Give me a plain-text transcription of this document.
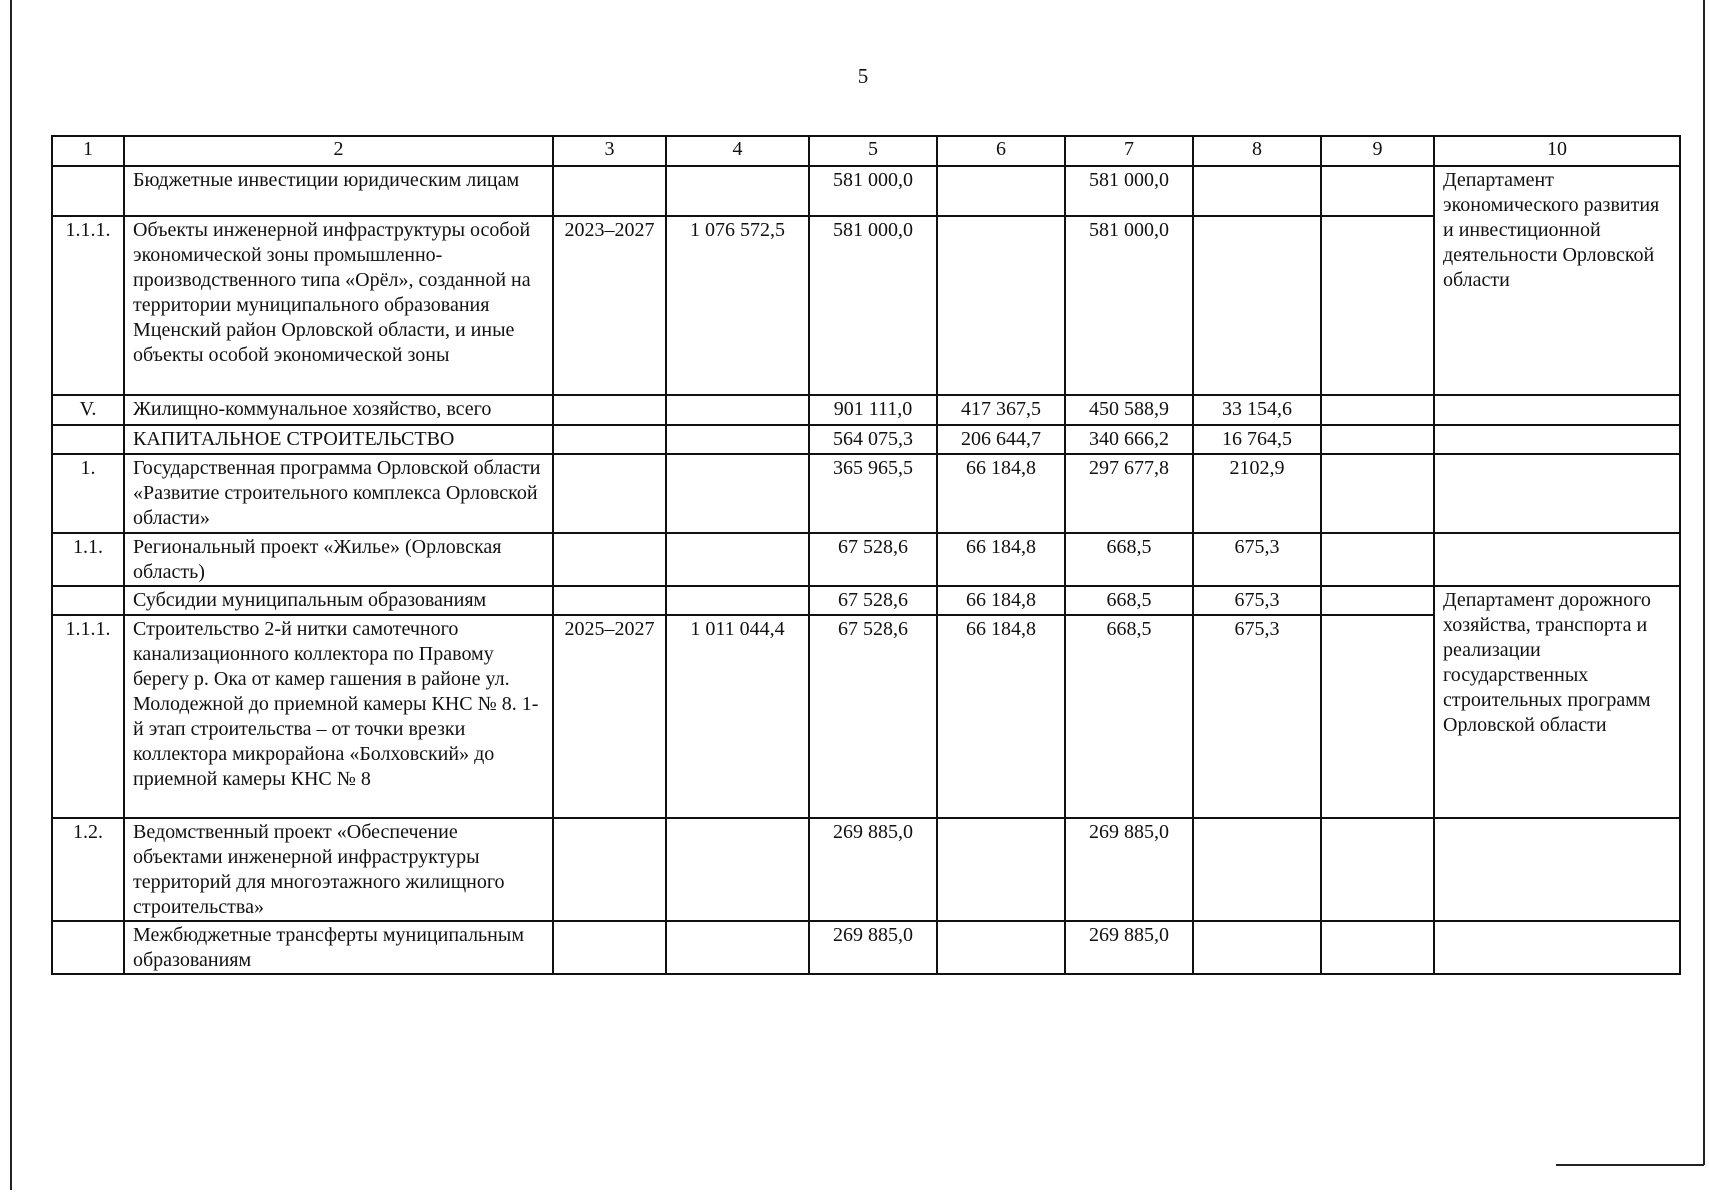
5
1	2	3	4	5	6	7	8	9	10
	Бюджетные инвестиции юридическим лицам			581 000,0		581 000,0			Департамент экономического развития и инвестиционной деятельности Орловской области
1.1.1.	Объекты инженерной инфраструктуры особой экономической зоны промышленно-производственного типа «Орёл», созданной на территории муниципального образования Мценский район Орловской области, и иные объекты особой экономической зоны	2023–2027	1 076 572,5	581 000,0		581 000,0			
V.	Жилищно-коммунальное хозяйство, всего			901 111,0	417 367,5	450 588,9	33 154,6		
	КАПИТАЛЬНОЕ СТРОИТЕЛЬСТВО			564 075,3	206 644,7	340 666,2	16 764,5		
1.	Государственная программа Орловской области «Развитие строительного комплекса Орловской области»			365 965,5	66 184,8	297 677,8	2102,9		
1.1.	Региональный проект «Жилье» (Орловская область)			67 528,6	66 184,8	668,5	675,3		
	Субсидии муниципальным образованиям			67 528,6	66 184,8	668,5	675,3		Департамент дорожного хозяйства, транспорта и реализации государственных строительных программ Орловской области
1.1.1.	Строительство 2-й нитки самотечного канализационного коллектора по Правому берегу р. Ока от камер гашения в районе ул. Молодежной до приемной камеры КНС № 8. 1-й этап строительства – от точки врезки коллектора микрорайона «Болховский» до приемной камеры КНС № 8	2025–2027	1 011 044,4	67 528,6	66 184,8	668,5	675,3		
1.2.	Ведомственный проект «Обеспечение объектами инженерной инфраструктуры территорий для многоэтажного жилищного строительства»			269 885,0		269 885,0			
	Межбюджетные трансферты муниципальным образованиям			269 885,0		269 885,0			
